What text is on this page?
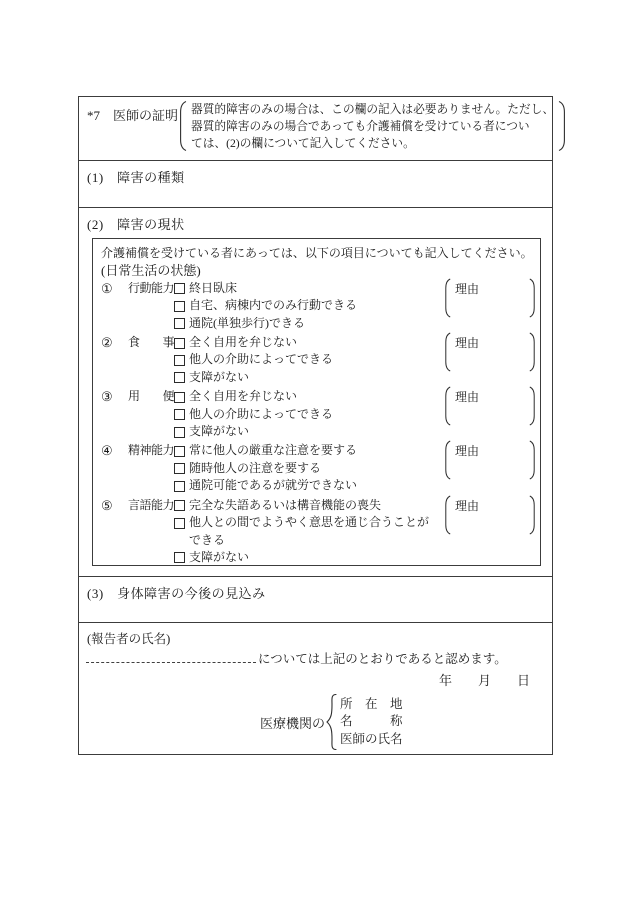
*7　医師の証明 器質的障害のみの場合は、この欄の記入は必要ありません。ただし、
器質的障害のみの場合であっても介護補償を受けている者につい
ては、(2)の欄について記入してください。
(1)　障害の種類
(2)　障害の現状
介護補償を受けている者にあっては、以下の項目についても記入してください。
(日常生活の状態)
①	行動能力 終日臥床
自宅、病棟内でのみ行動できる
通院(単独歩行)できる
理由
②	食　　事 全く自用を弁じない
他人の介助によってできる
支障がない
理由
③	用　　便 全く自用を弁じない
他人の介助によってできる
支障がない
理由
④	精神能力 常に他人の厳重な注意を要する
随時他人の注意を要する
通院可能であるが就労できない
理由
⑤	言語能力 完全な失語あるいは構音機能の喪失
他人との間でようやく意思を通じ合うことができる
支障がない
理由
(3)　身体障害の今後の見込み
(報告者の氏名)
については上記のとおりであると認めます。
年　　月　　日
医療機関の
所　在　地
名　　　称
医師の氏名
